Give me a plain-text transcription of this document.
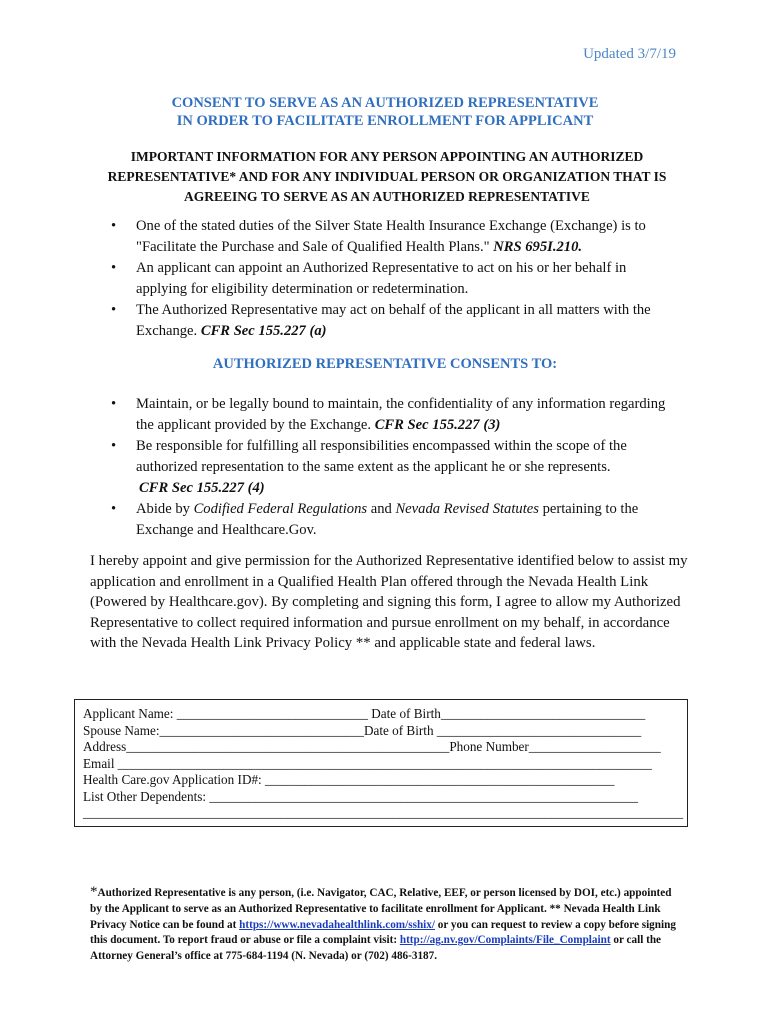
Updated 3/7/19
CONSENT TO SERVE AS AN AUTHORIZED REPRESENTATIVE
IN ORDER TO FACILITATE ENROLLMENT FOR APPLICANT
IMPORTANT INFORMATION FOR ANY PERSON APPOINTING AN AUTHORIZED
REPRESENTATIVE* AND FOR ANY INDIVIDUAL PERSON OR ORGANIZATION THAT IS
AGREEING TO SERVE AS AN AUTHORIZED REPRESENTATIVE
• One of the stated duties of the Silver State Health Insurance Exchange (Exchange) is to "Facilitate the Purchase and Sale of Qualified Health Plans." NRS 695I.210.
• An applicant can appoint an Authorized Representative to act on his or her behalf in applying for eligibility determination or redetermination.
• The Authorized Representative may act on behalf of the applicant in all matters with the Exchange. CFR Sec 155.227 (a)
AUTHORIZED REPRESENTATIVE CONSENTS TO:
• Maintain, or be legally bound to maintain, the confidentiality of any information regarding the applicant provided by the Exchange. CFR Sec 155.227 (3)
• Be responsible for fulfilling all responsibilities encompassed within the scope of the authorized representation to the same extent as the applicant he or she represents.
CFR Sec 155.227 (4)
• Abide by Codified Federal Regulations and Nevada Revised Statutes pertaining to the Exchange and Healthcare.Gov.
I hereby appoint and give permission for the Authorized Representative identified below to assist my application and enrollment in a Qualified Health Plan offered through the Nevada Health Link (Powered by Healthcare.gov). By completing and signing this form, I agree to allow my Authorized Representative to collect required information and pursue enrollment on my behalf, in accordance with the Nevada Health Link Privacy Policy ** and applicable state and federal laws.
Applicant Name: _____________________________ Date of Birth_______________________________
Spouse Name:_______________________________Date of Birth _______________________________
Address_________________________________________________Phone Number____________________
Email _________________________________________________________________________________
Health Care.gov Application ID#: _____________________________________________________
List Other Dependents: _________________________________________________________________
___________________________________________________________________________________________
*Authorized Representative is any person, (i.e. Navigator, CAC, Relative, EEF, or person licensed by DOI, etc.) appointed by the Applicant to serve as an Authorized Representative to facilitate enrollment for Applicant. ** Nevada Health Link Privacy Notice can be found at https://www.nevadahealthlink.com/sshix/ or you can request to review a copy before signing this document. To report fraud or abuse or file a complaint visit: http://ag.nv.gov/Complaints/File_Complaint or call the Attorney General’s office at 775-684-1194 (N. Nevada) or (702) 486-3187.
